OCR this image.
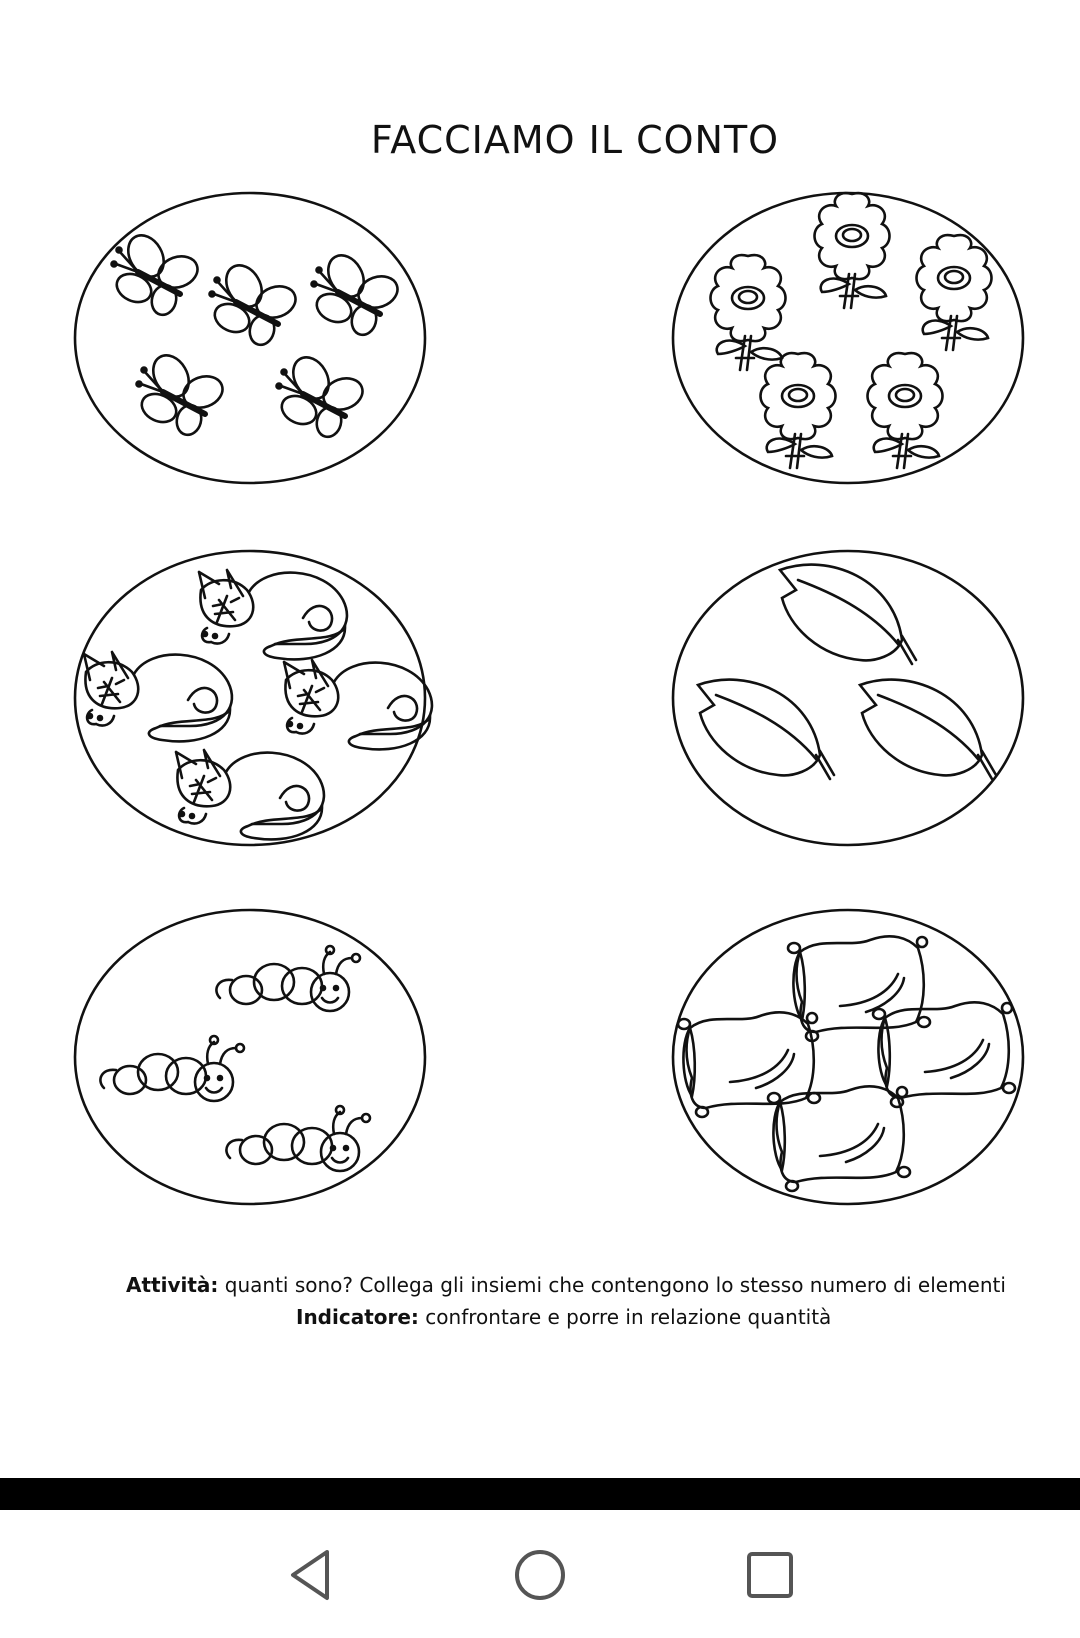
FACCIAMO IL CONTO
Attività: quanti sono? Collega gli insiemi che contengono lo stesso numero di elementi
Indicatore: confrontare e porre in relazione quantità
